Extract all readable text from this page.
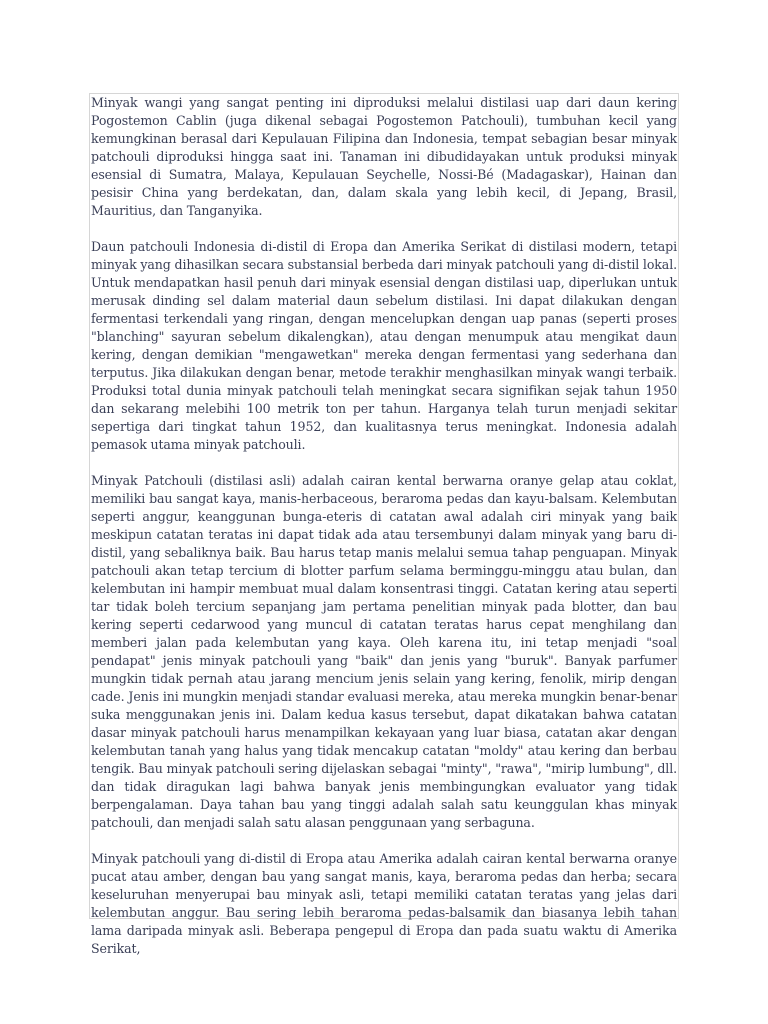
Minyak wangi yang sangat penting ini diproduksi melalui distilasi uap dari daun kering Pogostemon Cablin (juga dikenal sebagai Pogostemon Patchouli), tumbuhan kecil yang kemungkinan berasal dari Kepulauan Filipina dan Indonesia, tempat sebagian besar minyak patchouli diproduksi hingga saat ini. Tanaman ini dibudidayakan untuk produksi minyak esensial di Sumatra, Malaya, Kepulauan Seychelle, Nossi-Bé (Madagaskar), Hainan dan pesisir China yang berdekatan, dan, dalam skala yang lebih kecil, di Jepang, Brasil, Mauritius, dan Tanganyika.

Daun patchouli Indonesia di-distil di Eropa dan Amerika Serikat di distilasi modern, tetapi minyak yang dihasilkan secara substansial berbeda dari minyak patchouli yang di-distil lokal. Untuk mendapatkan hasil penuh dari minyak esensial dengan distilasi uap, diperlukan untuk merusak dinding sel dalam material daun sebelum distilasi. Ini dapat dilakukan dengan fermentasi terkendali yang ringan, dengan mencelupkan dengan uap panas (seperti proses "blanching" sayuran sebelum dikalengkan), atau dengan menumpuk atau mengikat daun kering, dengan demikian "mengawetkan" mereka dengan fermentasi yang sederhana dan terputus. Jika dilakukan dengan benar, metode terakhir menghasilkan minyak wangi terbaik. Produksi total dunia minyak patchouli telah meningkat secara signifikan sejak tahun 1950 dan sekarang melebihi 100 metrik ton per tahun. Harganya telah turun menjadi sekitar sepertiga dari tingkat tahun 1952, dan kualitasnya terus meningkat. Indonesia adalah pemasok utama minyak patchouli.

Minyak Patchouli (distilasi asli) adalah cairan kental berwarna oranye gelap atau coklat, memiliki bau sangat kaya, manis-herbaceous, beraroma pedas dan kayu-balsam. Kelembutan seperti anggur, keanggunan bunga-eteris di catatan awal adalah ciri minyak yang baik meskipun catatan teratas ini dapat tidak ada atau tersembunyi dalam minyak yang baru di-distil, yang sebaliknya baik. Bau harus tetap manis melalui semua tahap penguapan. Minyak patchouli akan tetap tercium di blotter parfum selama berminggu-minggu atau bulan, dan kelembutan ini hampir membuat mual dalam konsentrasi tinggi. Catatan kering atau seperti tar tidak boleh tercium sepanjang jam pertama penelitian minyak pada blotter, dan bau kering seperti cedarwood yang muncul di catatan teratas harus cepat menghilang dan memberi jalan pada kelembutan yang kaya. Oleh karena itu, ini tetap menjadi "soal pendapat" jenis minyak patchouli yang "baik" dan jenis yang "buruk". Banyak parfumer mungkin tidak pernah atau jarang mencium jenis selain yang kering, fenolik, mirip dengan cade. Jenis ini mungkin menjadi standar evaluasi mereka, atau mereka mungkin benar-benar suka menggunakan jenis ini. Dalam kedua kasus tersebut, dapat dikatakan bahwa catatan dasar minyak patchouli harus menampilkan kekayaan yang luar biasa, catatan akar dengan kelembutan tanah yang halus yang tidak mencakup catatan "moldy" atau kering dan berbau tengik. Bau minyak patchouli sering dijelaskan sebagai "minty", "rawa", "mirip lumbung", dll. dan tidak diragukan lagi bahwa banyak jenis membingungkan evaluator yang tidak berpengalaman. Daya tahan bau yang tinggi adalah salah satu keunggulan khas minyak patchouli, dan menjadi salah satu alasan penggunaan yang serbaguna.

Minyak patchouli yang di-distil di Eropa atau Amerika adalah cairan kental berwarna oranye pucat atau amber, dengan bau yang sangat manis, kaya, beraroma pedas dan herba; secara keseluruhan menyerupai bau minyak asli, tetapi memiliki catatan teratas yang jelas dari kelembutan anggur. Bau sering lebih beraroma pedas-balsamik dan biasanya lebih tahan lama daripada minyak asli. Beberapa pengepul di Eropa dan pada suatu waktu di Amerika Serikat,
